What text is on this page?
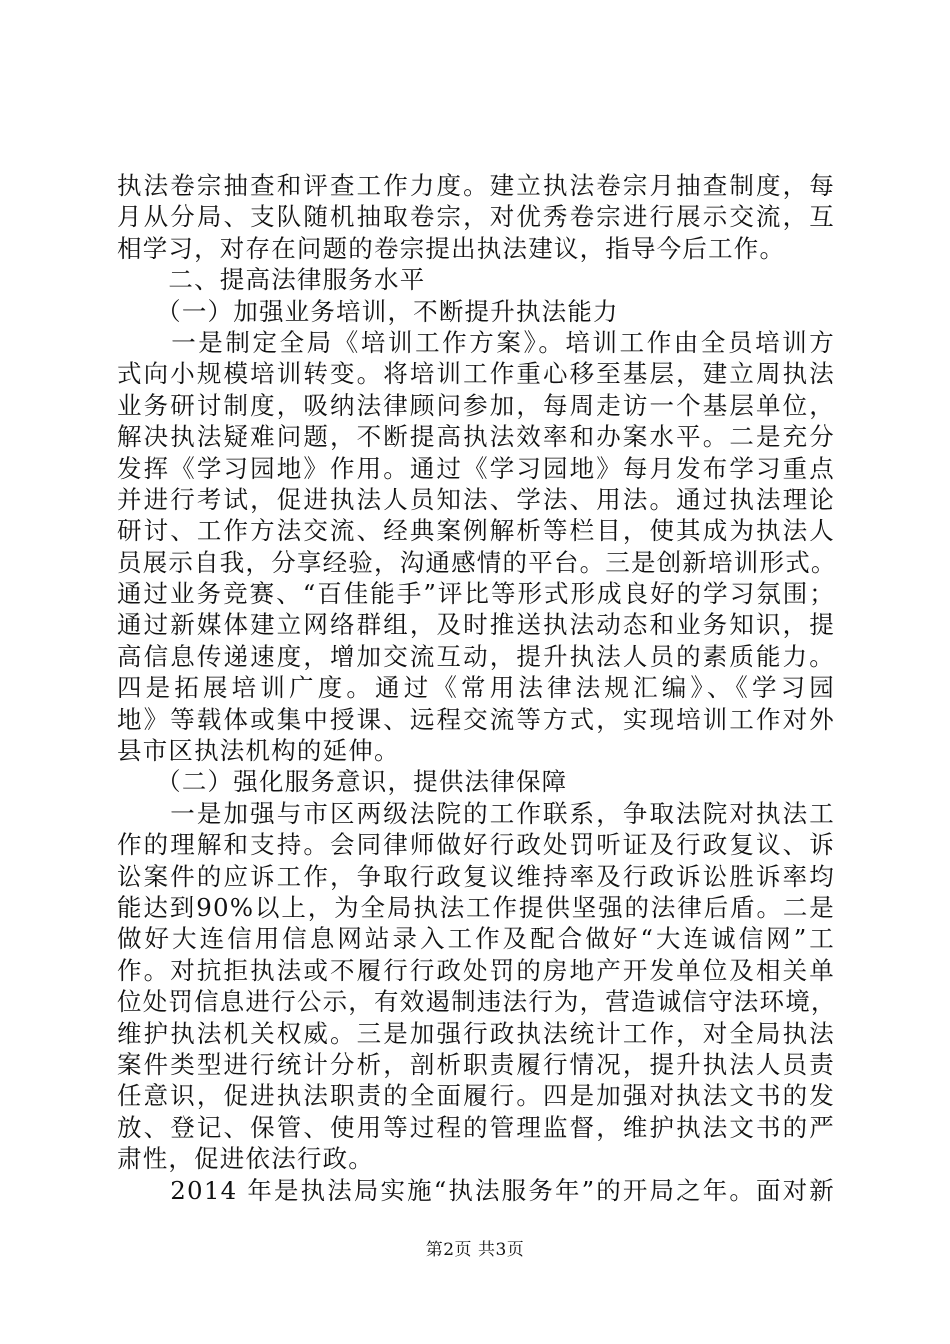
执法卷宗抽查和评查工作力度。建立执法卷宗月抽查制度，每
月从分局、支队随机抽取卷宗，对优秀卷宗进行展示交流，互
相学习，对存在问题的卷宗提出执法建议，指导今后工作。
　　二、提高法律服务水平
　　（一）加强业务培训，不断提升执法能力
　　一是制定全局《培训工作方案》。培训工作由全员培训方
式向小规模培训转变。将培训工作重心移至基层，建立周执法
业务研讨制度，吸纳法律顾问参加，每周走访一个基层单位，
解决执法疑难问题，不断提高执法效率和办案水平。二是充分
发挥《学习园地》作用。通过《学习园地》每月发布学习重点
并进行考试，促进执法人员知法、学法、用法。通过执法理论
研讨、工作方法交流、经典案例解析等栏目，使其成为执法人
员展示自我，分享经验，沟通感情的平台。三是创新培训形式。
通过业务竞赛、“百佳能手”评比等形式形成良好的学习氛围；
通过新媒体建立网络群组，及时推送执法动态和业务知识，提
高信息传递速度，增加交流互动，提升执法人员的素质能力。
四是拓展培训广度。通过《常用法律法规汇编》、《学习园
地》等载体或集中授课、远程交流等方式，实现培训工作对外
县市区执法机构的延伸。
　　（二）强化服务意识，提供法律保障
　　一是加强与市区两级法院的工作联系，争取法院对执法工
作的理解和支持。会同律师做好行政处罚听证及行政复议、诉
讼案件的应诉工作，争取行政复议维持率及行政诉讼胜诉率均
能达到90%以上，为全局执法工作提供坚强的法律后盾。二是
做好大连信用信息网站录入工作及配合做好“大连诚信网”工
作。对抗拒执法或不履行行政处罚的房地产开发单位及相关单
位处罚信息进行公示，有效遏制违法行为，营造诚信守法环境，
维护执法机关权威。三是加强行政执法统计工作，对全局执法
案件类型进行统计分析，剖析职责履行情况，提升执法人员责
任意识，促进执法职责的全面履行。四是加强对执法文书的发
放、登记、保管、使用等过程的管理监督，维护执法文书的严
肃性，促进依法行政。
　　2014 年是执法局实施“执法服务年”的开局之年。面对新
第2页 共3页
